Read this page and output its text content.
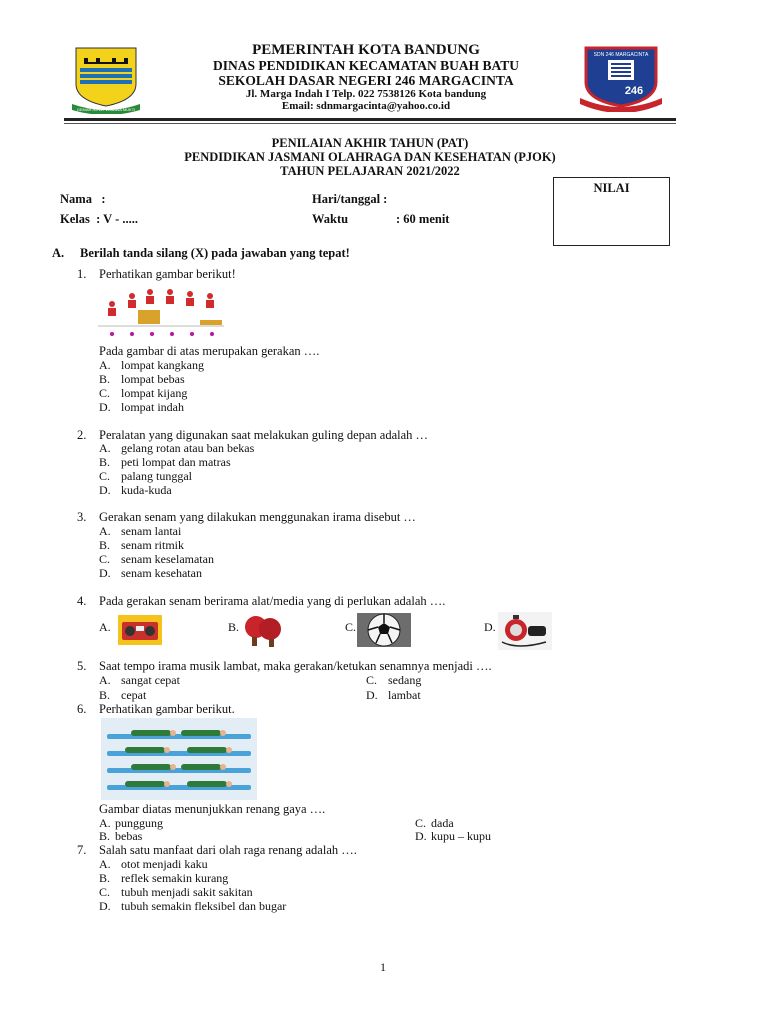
GEMAH RIPAH WIBAWA MUKTI
SDN 246 MARGACINTA
246
PEMERINTAH KOTA BANDUNG
DINAS PENDIDIKAN KECAMATAN BUAH BATU
SEKOLAH DASAR NEGERI 246 MARGACINTA
Jl. Marga Indah I Telp. 022 7538126 Kota bandung
Email: sdnmargacinta@yahoo.co.id
PENILAIAN AKHIR TAHUN (PAT)
PENDIDIKAN JASMANI OLAHRAGA DAN KESEHATAN (PJOK)
TAHUN PELAJARAN 2021/2022
Nama   :
Kelas  : V - .....
Hari/tanggal :
Waktu	: 60 menit
NILAI
A. Berilah tanda silang (X) pada jawaban yang tepat!
1. Perhatikan gambar berikut!
Pada gambar di atas merupakan gerakan ….
A. lompat kangkang
B. lompat bebas
C. lompat kijang
D. lompat indah
2. Peralatan yang digunakan saat melakukan guling depan adalah …
A. gelang rotan atau ban bekas
B. peti lompat dan matras
C. palang tunggal
D. kuda-kuda
3. Gerakan senam yang dilakukan menggunakan irama disebut …
A. senam lantai
B. senam ritmik
C. senam keselamatan
D. senam kesehatan
4. Pada gerakan senam berirama alat/media yang di perlukan adalah ….
A.	B.	C.	D.
5. Saat tempo irama musik lambat, maka gerakan/ketukan senamnya menjadi ….
A. sangat cepat
B. cepat
C. sedang
D. lambat
6. Perhatikan gambar berikut.
Gambar diatas menunjukkan renang gaya ….
A. punggung
B. bebas
C. dada
D. kupu – kupu
7. Salah satu manfaat dari olah raga renang adalah ….
A. otot menjadi kaku
B. reflek semakin kurang
C. tubuh menjadi sakit sakitan
D. tubuh semakin fleksibel dan bugar
1
